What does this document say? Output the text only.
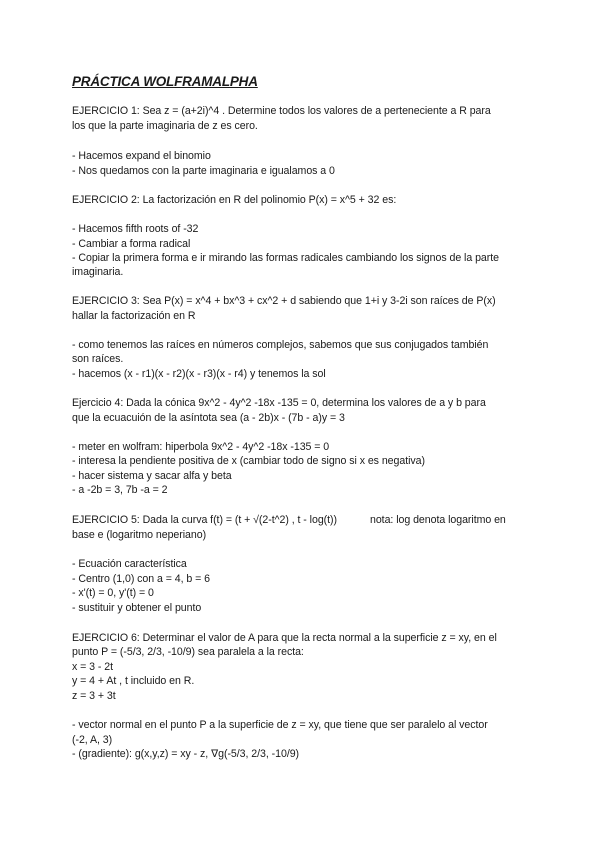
PRÁCTICA WOLFRAMALPHA
EJERCICIO 1: Sea z = (a+2i)^4 . Determine todos los valores de a perteneciente a R para
los que la parte imaginaria de z es cero.
- Hacemos expand el binomio
- Nos quedamos con la parte imaginaria e igualamos a 0
EJERCICIO 2: La factorización en R del polinomio P(x) = x^5 + 32 es:
- Hacemos fifth roots of -32
- Cambiar a forma radical
- Copiar la primera forma e ir mirando las formas radicales cambiando los signos de la parte
imaginaria.
EJERCICIO 3: Sea P(x) = x^4 + bx^3 + cx^2 + d sabiendo que 1+i y 3-2i son raíces de P(x)
hallar la factorización en R
- como tenemos las raíces en números complejos, sabemos que sus conjugados también
son raíces.
- hacemos (x - r1)(x - r2)(x - r3)(x - r4) y tenemos la sol
Ejercicio 4: Dada la cónica 9x^2 - 4y^2 -18x -135 = 0, determina los valores de a y b para
que la ecuacuión de la asíntota sea (a - 2b)x - (7b - a)y = 3
- meter en wolfram: hiperbola 9x^2 - 4y^2 -18x -135 = 0
- interesa la pendiente positiva de x (cambiar todo de signo si x es negativa)
- hacer sistema y sacar alfa y beta
- a -2b = 3, 7b -a = 2
EJERCICIO 5: Dada la curva f(t) = (t + √(2-t^2) , t - log(t))	nota: log denota logaritmo en
base e (logaritmo neperiano)
- Ecuación característica
- Centro (1,0) con a = 4, b = 6
- x'(t) = 0, y'(t) = 0
- sustituir y obtener el punto
EJERCICIO 6: Determinar el valor de A para que la recta normal a la superficie z = xy, en el
punto P = (-5/3, 2/3, -10/9) sea paralela a la recta:
x = 3 - 2t
y = 4 + At , t incluido en R.
z = 3 + 3t
- vector normal en el punto P a la superficie de z = xy, que tiene que ser paralelo al vector
(-2, A, 3)
- (gradiente): g(x,y,z) = xy - z, ∇g(-5/3, 2/3, -10/9)
